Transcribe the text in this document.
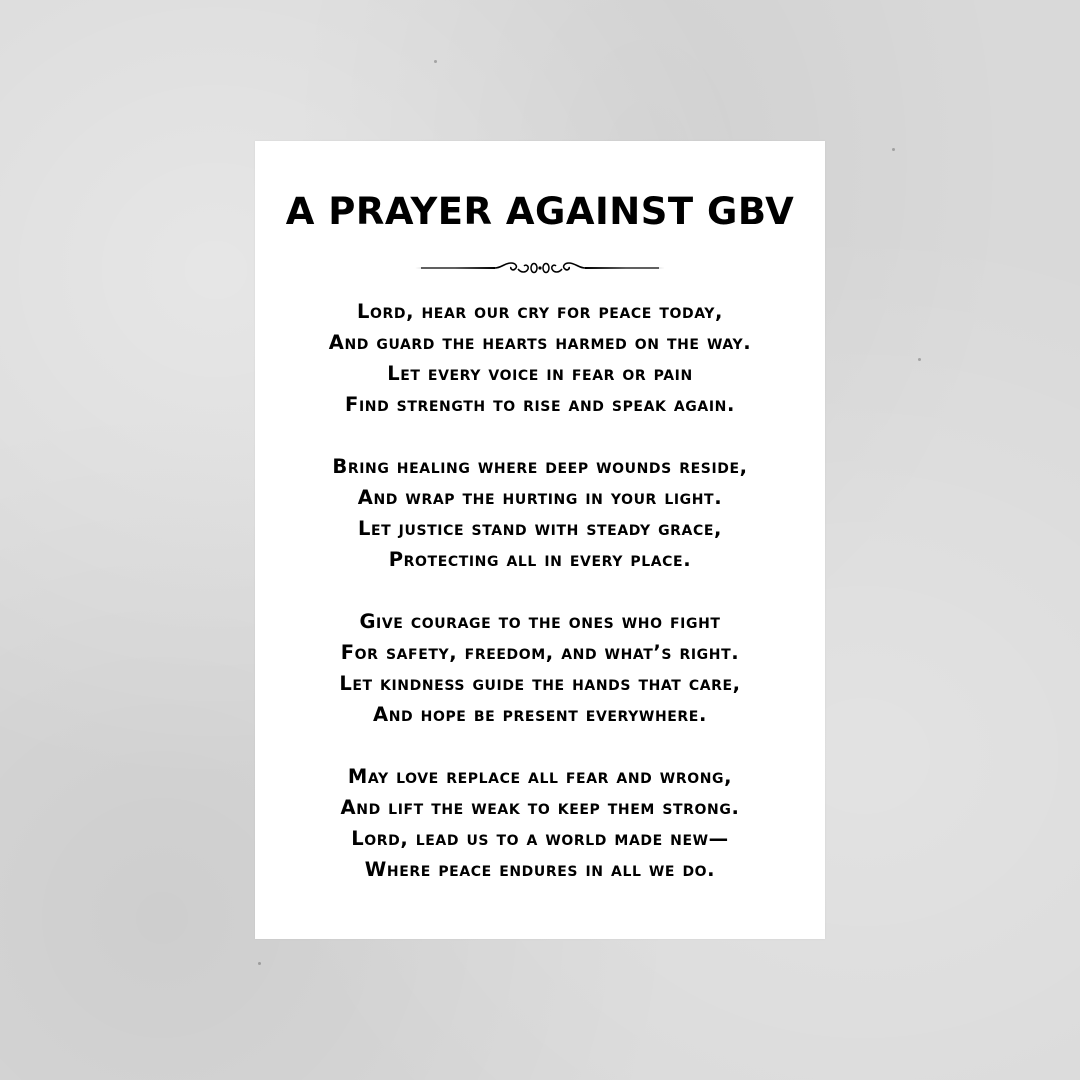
A PRAYER AGAINST GBV
Lord, hear our cry for peace today,
And guard the hearts harmed on the way.
Let every voice in fear or pain
Find strength to rise and speak again.
Bring healing where deep wounds reside,
And wrap the hurting in your light.
Let justice stand with steady grace,
Protecting all in every place.
Give courage to the ones who fight
For safety, freedom, and what’s right.
Let kindness guide the hands that care,
And hope be present everywhere.
May love replace all fear and wrong,
And lift the weak to keep them strong.
Lord, lead us to a world made new—
Where peace endures in all we do.
